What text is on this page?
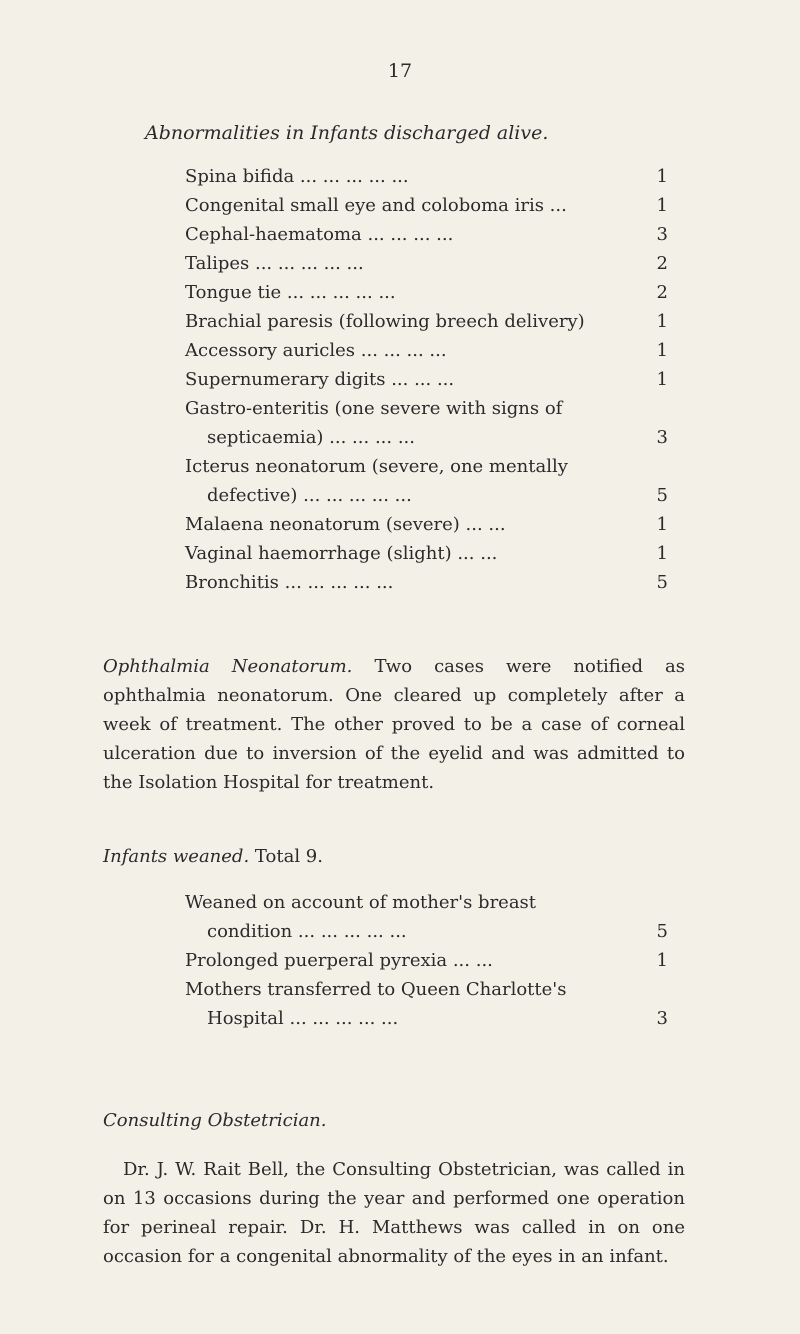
17
Abnormalities in Infants discharged alive.
Spina bifida ... ... ... ... ...	1
Congenital small eye and coloboma iris ...	1
Cephal-haematoma ... ... ... ...	3
Talipes ... ... ... ... ...	2
Tongue tie ... ... ... ... ...	2
Brachial paresis (following breech delivery)	1
Accessory auricles ... ... ... ...	1
Supernumerary digits ... ... ...	1
Gastro-enteritis (one severe with signs of
septicaemia) ... ... ... ...	3
Icterus neonatorum (severe, one mentally
defective) ... ... ... ... ...	5
Malaena neonatorum (severe) ... ...	1
Vaginal haemorrhage (slight) ... ...	1
Bronchitis ... ... ... ... ...	5
Ophthalmia Neonatorum. Two cases were notified as ophthalmia neonatorum. One cleared up completely after a week of treatment. The other proved to be a case of corneal ulceration due to inversion of the eyelid and was admitted to the Isolation Hospital for treatment.
Infants weaned. Total 9.
Weaned on account of mother's breast
condition ... ... ... ... ...	5
Prolonged puerperal pyrexia ... ...	1
Mothers transferred to Queen Charlotte's
Hospital ... ... ... ... ...	3
Consulting Obstetrician.
Dr. J. W. Rait Bell, the Consulting Obstetrician, was called in on 13 occasions during the year and performed one operation for perineal repair. Dr. H. Matthews was called in on one occasion for a congenital abnormality of the eyes in an infant.
